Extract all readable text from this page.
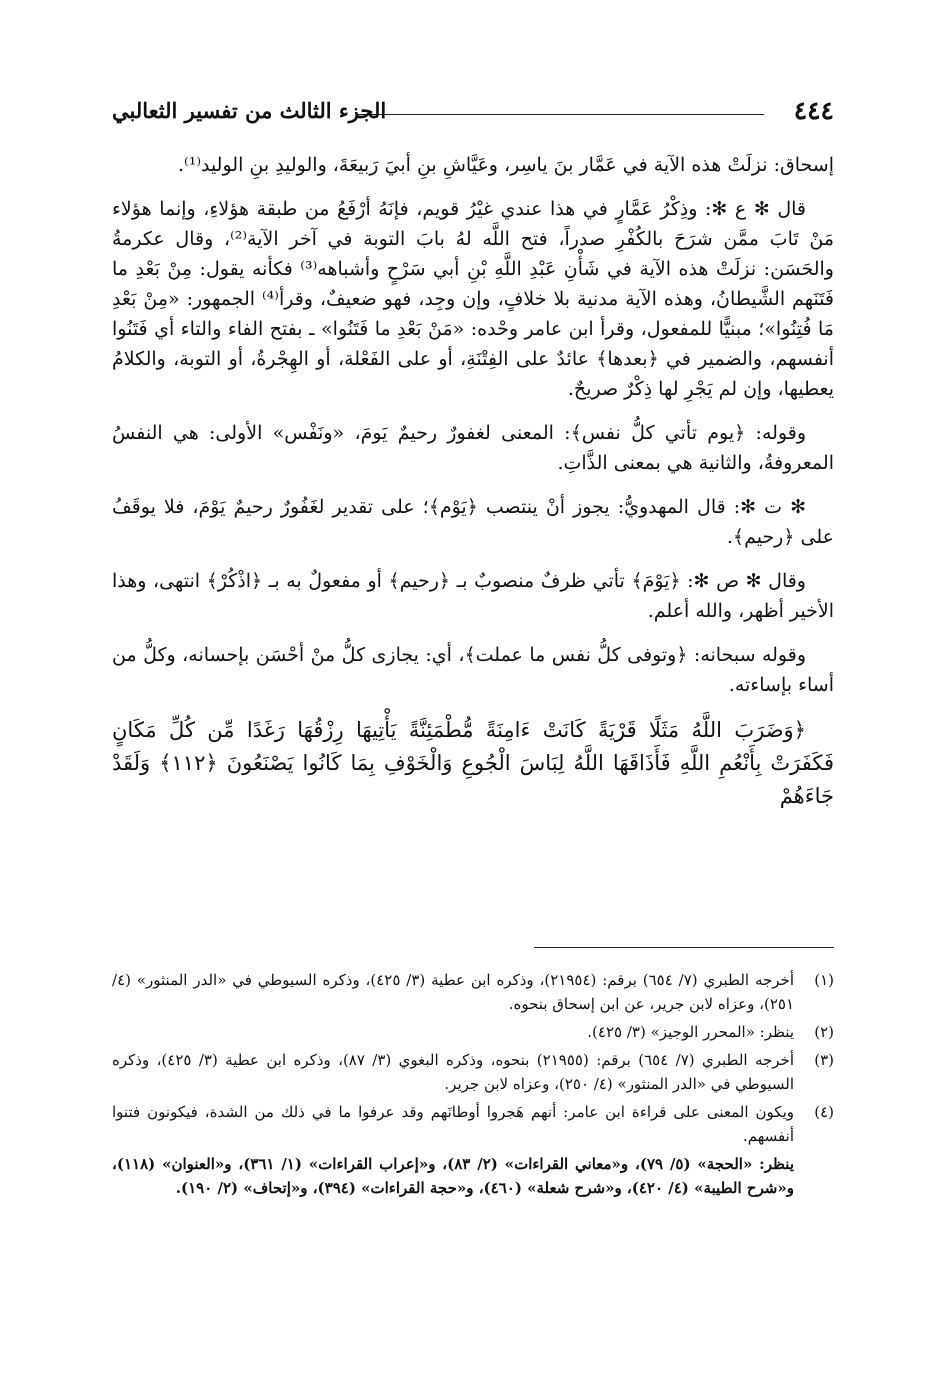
٤٤٤
الجزء الثالث من تفسير الثعالبي

إسحاق: نزلَتْ هذه الآية في عَمَّار بنَ ياسِر، وعَيَّاشِ بنِ أبيَ رَبيعَةَ، والوليدِ بنِ الوليد⁽¹⁾.

قال ✻ ع ✻: وذِكْرُ عَمَّارٍ في هذا عندي غيْرُ قويم، فإنَهُ أرْفَعُ من طبقة هؤلاءِ، وإنما هؤلاء مَنْ تَابَ ممَّن شرَحَ بالكُفْرِ صدراً، فتح اللَّه لهُ بابَ التوبة في آخر الآية⁽²⁾، وقال عكرمةُ والحَسَن: نزلَتْ هذه الآية في شَأْنِ عَبْدِ اللَّهِ بْنِ أبي سَرْحٍ وأشباهه⁽³⁾ فكأنه يقول: مِنْ بَعْدِ ما فَتَنَهم الشَّيطانُ، وهذه الآية مدنية بلا خلافٍ، وإن وجِد، فهو ضعيفٌ، وقرأ⁽⁴⁾ الجمهور: «مِنْ بَعْدِ مَا فُتِنُوا»؛ مبنيًّا للمفعول، وقرأ ابن عامر وحْده: «مَنْ بَعْدِ ما فَتَنُوا» ـ بفتح الفاء والتاء أي فَتَنُوا أنفسهم، والضمير في ﴿بعدها﴾ عائدٌ على الفِتْنَةِ، أو على الفَعْلة، أو الهِجْرةُ، أو التوبة، والكلامُ يعطيها، وإن لم يَجْرِ لها ذِكْرٌ صريحٌ.

وقوله: ﴿يوم تأتي كلُّ نفس﴾: المعنى لغفورٌ رحيمٌ يَومَ، «ونَفْس» الأولى: هي النفسُ المعروفةُ، والثانية هي بمعنى الذَّاتِ.

✻ ت ✻: قال المهدويُّ: يجوز أنْ ينتصب ﴿يَوْم﴾؛ على تقدير لغَفُورٌ رحيمٌ يَوْمَ، فلا يوقَفُ على ﴿رحيم﴾.

وقال ✻ ص ✻: ﴿يَوْمَ﴾ تأتي ظرفٌ منصوبٌ بـ ﴿رحيم﴾ أو مفعولٌ به بـ ﴿اذْكُرْ﴾ انتهى، وهذا الأخير أظهر، والله أعلم.

وقوله سبحانه: ﴿وتوفى كلُّ نفس ما عملت﴾، أي: يجازى كلُّ منْ أحْسَن بإحسانه، وكلُّ من أساء بإساءته.

﴿وَضَرَبَ اللَّهُ مَثَلًا قَرْيَةً كَانَتْ ءَامِنَةً مُّطْمَئِنَّةً يَأْتِيهَا رِزْقُهَا رَغَدًا مِّن كُلِّ مَكَانٍ فَكَفَرَتْ بِأَنْعُمِ اللَّهِ فَأَذَاقَهَا اللَّهُ لِبَاسَ الْجُوعِ وَالْخَوْفِ بِمَا كَانُوا يَصْنَعُونَ ﴿١١٢﴾ وَلَقَدْ جَاءَهُمْ

(١)
أخرجه الطبري (٧/ ٦٥٤) برقم: (٢١٩٥٤)، وذكره ابن عطية (٣/ ٤٢٥)، وذكره السيوطي في «الدر المنثور» (٤/ ٢٥١)، وعزاه لابن جرير، عن ابن إسحاق بنحوه.
(٢)
ينظر: «المحرر الوجيز» (٣/ ٤٢٥).
(٣)
أخرجه الطبري (٧/ ٦٥٤) برقم: (٢١٩٥٥) بنحوه، وذكره البغوي (٣/ ٨٧)، وذكره ابن عطية (٣/ ٤٢٥)، وذكره السيوطي في «الدر المنثور» (٤/ ٢٥٠)، وعزاه لابن جرير.
(٤)
ويكون المعنى على قراءة ابن عامر: أنهم هَجروا أوطانَهم وقد عرفوا ما في ذلك من الشدة، فيكونون فتنوا أنفسهم.
ينظر: «الحجة» (٥/ ٧٩)، و«معاني القراءات» (٢/ ٨٣)، و«إعراب القراءات» (١/ ٣٦١)، و«العنوان» (١١٨)، و«شرح الطيبة» (٤/ ٤٢٠)، و«شرح شعلة» (٤٦٠)، و«حجة القراءات» (٣٩٤)، و«إتحاف» (٢/ ١٩٠).
